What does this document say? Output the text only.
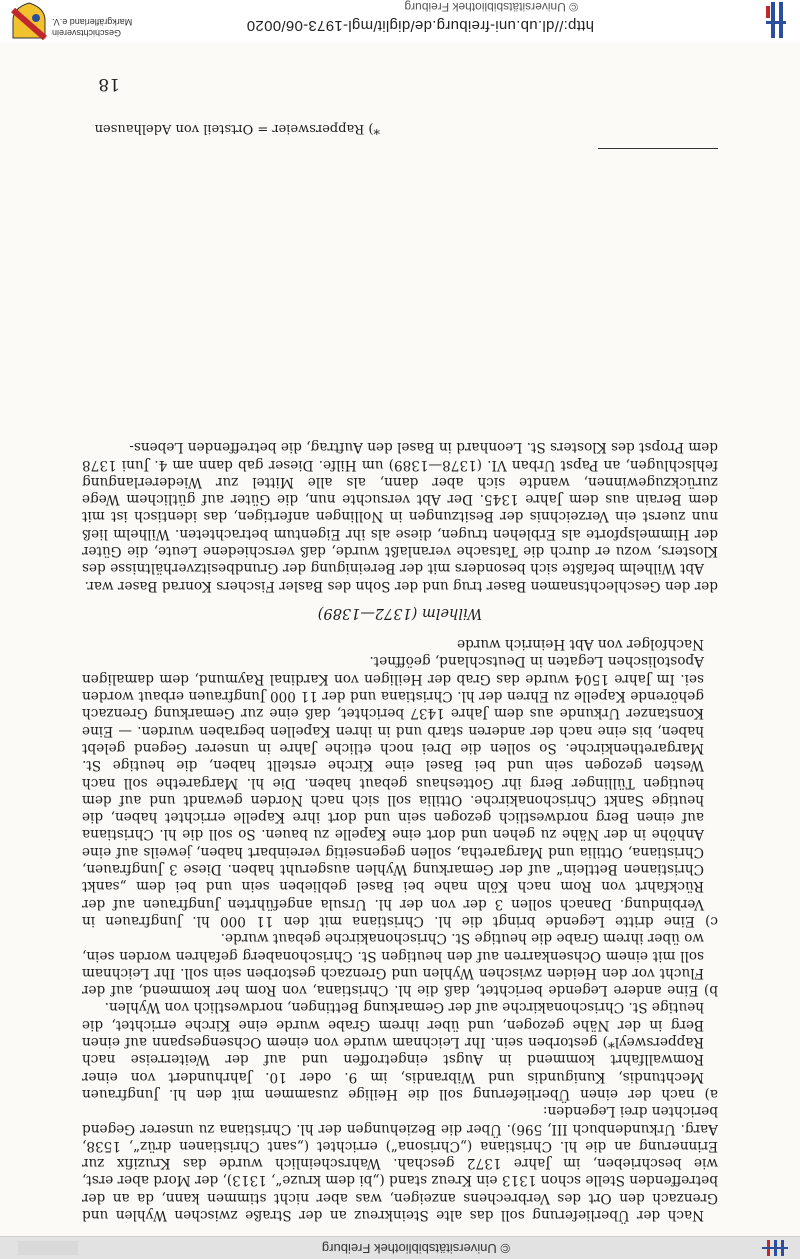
© Universitätsbibliothek Freiburg

Nach der Überlieferung soll das alte Steinkreuz an der Straße zwischen Wyhlen und Grenzach den Ort des Verbrechens anzeigen, was aber nicht stimmen kann, da an der betreffenden Stelle schon 1313 ein Kreuz stand („bi dem kruze“, 1313), der Mord aber erst, wie beschrieben, im Jahre 1372 geschah. Wahrscheinlich wurde das Kruzifix zur Erinnerung an die hl. Christiana („Chrisona“) errichtet („sant Christianen drüz“, 1538, Aarg. Urkundenbuch III, 596). Über die Beziehungen der hl. Christiana zu unserer Gegend berichten drei Legenden:

a) nach der einen Überlieferung soll die Heilige zusammen mit den hl. Jungfrauen Mechtundis, Kunigundis und Wibrandis, im 9. oder 10. Jahrhundert von einer Romwallfahrt kommend in Augst eingetroffen und auf der Weiterreise nach Rappersweyl*) gestorben sein. Ihr Leichnam wurde von einem Ochsengespann auf einen Berg in der Nähe gezogen, und über ihrem Grabe wurde eine Kirche errichtet, die heutige St. Chrischonakirche auf der Gemarkung Bettingen, nordwestlich von Wyhlen.

b) Eine andere Legende berichtet, daß die hl. Christiana, von Rom her kommend, auf der Flucht vor den Heiden zwischen Wyhlen und Grenzach gestorben sein soll. Ihr Leichnam soll mit einem Ochsenkarren auf den heutigen St. Chrischonaberg gefahren worden sein, wo über ihrem Grabe die heutige St. Chrischonakirche gebaut wurde.

c) Eine dritte Legende bringt die hl. Christiana mit den 11 000 hl. Jungfrauen in Verbindung. Danach sollen 3 der von der hl. Ursula angeführten Jungfrauen auf der Rückfahrt von Rom nach Köln nahe bei Basel geblieben sein und bei dem „sankt Christianen Bettlein“ auf der Gemarkung Wyhlen ausgeruht haben. Diese 3 Jungfrauen, Christiana, Ottilia und Margaretha, sollen gegenseitig vereinbart haben, jeweils auf eine Anhöhe in der Nähe zu gehen und dort eine Kapelle zu bauen. So soll die hl. Christiana auf einen Berg nordwestlich gezogen sein und dort ihre Kapelle errichtet haben, die heutige Sankt Chrischonakirche. Ottilia soll sich nach Norden gewandt und auf dem heutigen Tüllinger Berg ihr Gotteshaus gebaut haben. Die hl. Margarethe soll nach Westen gezogen sein und bei Basel eine Kirche erstellt haben, die heutige St. Margarethenkirche. So sollen die Drei noch etliche Jahre in unserer Gegend gelebt haben, bis eine nach der anderen starb und in ihren Kapellen begraben wurden. — Eine Konstanzer Urkunde aus dem Jahre 1437 berichtet, daß eine zur Gemarkung Grenzach gehörende Kapelle zu Ehren der hl. Christiana und der 11 000 Jungfrauen erbaut worden sei. Im Jahre 1504 wurde das Grab der Heiligen von Kardinal Raymund, dem damaligen Apostolischen Legaten in Deutschland, geöffnet.

Nachfolger von Abt Heinrich wurde

Wilhelm (1372—1389)

der den Geschlechtsnamen Baser trug und der Sohn des Basler Fischers Konrad Baser war.

Abt Wilhelm befaßte sich besonders mit der Bereinigung der Grundbesitzverhältnisse des Klosters, wozu er durch die Tatsache veranlaßt wurde, daß verschiedene Leute, die Güter der Himmelspforte als Erblehen trugen, diese als ihr Eigentum betrachteten. Wilhelm ließ nun zuerst ein Verzeichnis der Besitzungen in Nollingen anfertigen, das identisch ist mit dem Berain aus dem Jahre 1345. Der Abt versuchte nun, die Güter auf gütlichem Wege zurückzugewinnen, wandte sich aber dann, als alle Mittel zur Wiedererlangung fehlschlugen, an Papst Urban VI. (1378—1389) um Hilfe. Dieser gab dann am 4. Juni 1378 dem Propst des Klosters St. Leonhard in Basel den Auftrag, die betreffenden Lebens-

*) Rappersweier = Ortsteil von Adelhausen
18
http://dl.ub.uni-freiburg.de/diglit/mgl-1973-06/0020
© Universitätsbibliothek Freiburg
Geschichtsverein
Markgräflerland e.V.
